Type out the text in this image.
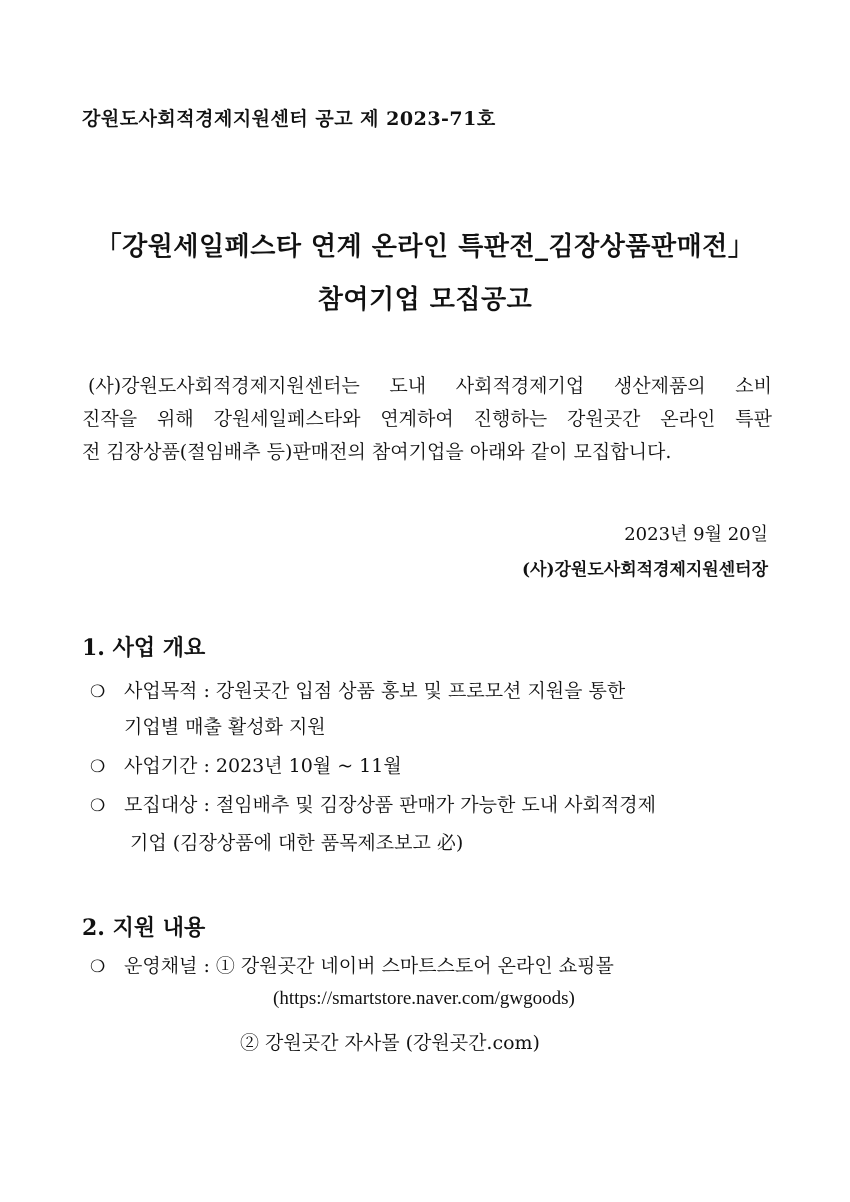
강원도사회적경제지원센터 공고 제 2023-71호
「강원세일페스타 연계 온라인 특판전_김장상품판매전」
참여기업 모집공고
(사)강원도사회적경제지원센터는 도내 사회적경제기업 생산제품의 소비
진작을 위해 강원세일페스타와 연계하여 진행하는 강원곳간 온라인 특판
전 김장상품(절임배추 등)판매전의 참여기업을 아래와 같이 모집합니다.
2023년 9월 20일
(사)강원도사회적경제지원센터장
1. 사업 개요
❍ 사업목적 : 강원곳간 입점 상품 홍보 및 프로모션 지원을 통한
기업별 매출 활성화 지원
❍ 사업기간 : 2023년 10월 ~ 11월
❍ 모집대상 : 절임배추 및 김장상품 판매가 가능한 도내 사회적경제
기업 (김장상품에 대한 품목제조보고 必)
2. 지원 내용
❍ 운영채널 : ① 강원곳간 네이버 스마트스토어 온라인 쇼핑몰
(https://smartstore.naver.com/gwgoods)
② 강원곳간 자사몰 (강원곳간.com)
